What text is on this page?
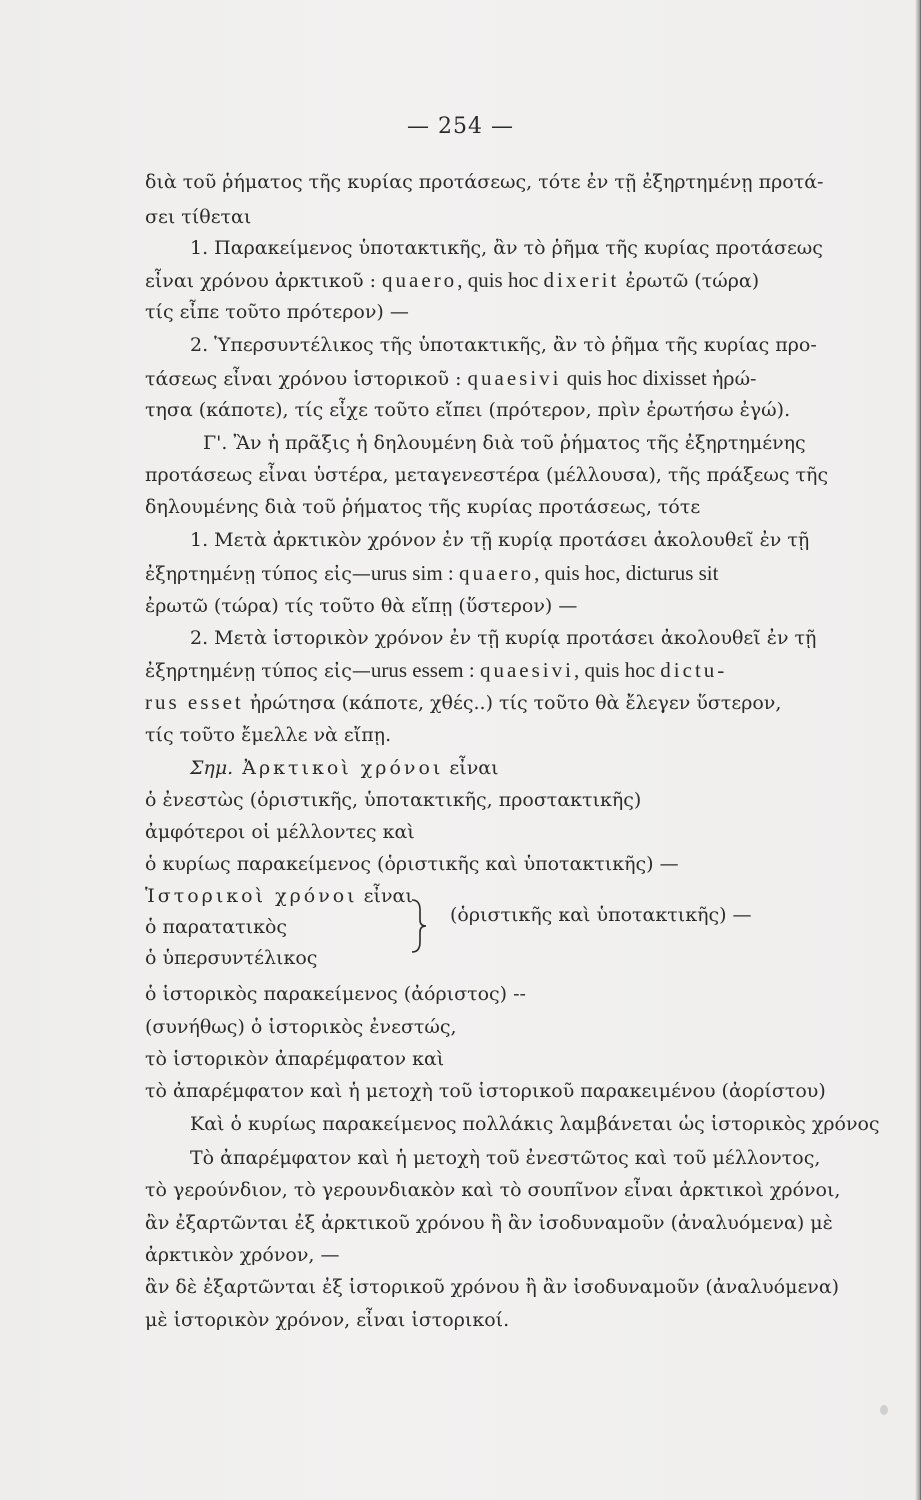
— 254 —
διὰ τοῦ ῥήματος τῆς κυρίας προτάσεως, τότε ἐν τῇ ἐξηρτημένῃ προτά-
σει τίθεται
1. Παρακείμενος ὑποτακτικῆς, ἂν τὸ ῥῆμα τῆς κυρίας προτάσεως
εἶναι χρόνου ἀρκτικοῦ : quaero, quis hoc dixerit ἐρωτῶ (τώρα)
τίς εἶπε τοῦτο πρότερον) —
2. Ὑπερσυντέλικος τῆς ὑποτακτικῆς, ἂν τὸ ῥῆμα τῆς κυρίας προ-
τάσεως εἶναι χρόνου ἱστορικοῦ : quaesivi quis hoc dixisset ἠρώ-
τησα (κάποτε), τίς εἶχε τοῦτο εἴπει (πρότερον, πρὶν ἐρωτήσω ἐγώ).
Γ'. Ἂν ἡ πρᾶξις ἡ δηλουμένη διὰ τοῦ ῥήματος τῆς ἐξηρτημένης
προτάσεως εἶναι ὑστέρα, μεταγενεστέρα (μέλλουσα), τῆς πράξεως τῆς
δηλουμένης διὰ τοῦ ῥήματος τῆς κυρίας προτάσεως, τότε
1. Μετὰ ἀρκτικὸν χρόνον ἐν τῇ κυρίᾳ προτάσει ἀκολουθεῖ ἐν τῇ
ἐξηρτημένῃ τύπος εἰς—urus sim : quaero, quis hoc, dicturus sit
ἐρωτῶ (τώρα) τίς τοῦτο θὰ εἴπῃ (ὕστερον) —
2. Μετὰ ἱστορικὸν χρόνον ἐν τῇ κυρίᾳ προτάσει ἀκολουθεῖ ἐν τῇ
ἐξηρτημένῃ τύπος εἰς—urus essem : quaesivi, quis hoc dictu-
rus esset ἠρώτησα (κάποτε, χθές..) τίς τοῦτο θὰ ἔλεγεν ὕστερον,
τίς τοῦτο ἔμελλε νὰ εἴπῃ.
Σημ. Ἀρκτικοὶ χρόνοι εἶναι
ὁ ἐνεστὼς (ὁριστικῆς, ὑποτακτικῆς, προστακτικῆς)
ἀμφότεροι οἱ μέλλοντες καὶ
ὁ κυρίως παρακείμενος (ὁριστικῆς καὶ ὑποτακτικῆς) —
Ἱστορικοὶ χρόνοι εἶναι
ὁ παρατατικὸς
ὁ ὑπερσυντέλικος
(ὁριστικῆς καὶ ὑποτακτικῆς) —
ὁ ἱστορικὸς παρακείμενος (ἀόριστος) --
(συνήθως) ὁ ἱστορικὸς ἐνεστώς,
τὸ ἱστορικὸν ἀπαρέμφατον καὶ
τὸ ἀπαρέμφατον καὶ ἡ μετοχὴ τοῦ ἱστορικοῦ παρακειμένου (ἀορίστου)
Καὶ ὁ κυρίως παρακείμενος πολλάκις λαμβάνεται ὡς ἱστορικὸς χρόνος
Τὸ ἀπαρέμφατον καὶ ἡ μετοχὴ τοῦ ἐνεστῶτος καὶ τοῦ μέλλοντος,
τὸ γερούνδιον, τὸ γερουνδιακὸν καὶ τὸ σουπῖνον εἶναι ἀρκτικοὶ χρόνοι,
ἂν ἐξαρτῶνται ἐξ ἀρκτικοῦ χρόνου ἢ ἂν ἰσοδυναμοῦν (ἀναλυόμενα) μὲ
ἀρκτικὸν χρόνον, —
ἂν δὲ ἐξαρτῶνται ἐξ ἱστορικοῦ χρόνου ἢ ἂν ἰσοδυναμοῦν (ἀναλυόμενα)
μὲ ἱστορικὸν χρόνον, εἶναι ἱστορικοί.
